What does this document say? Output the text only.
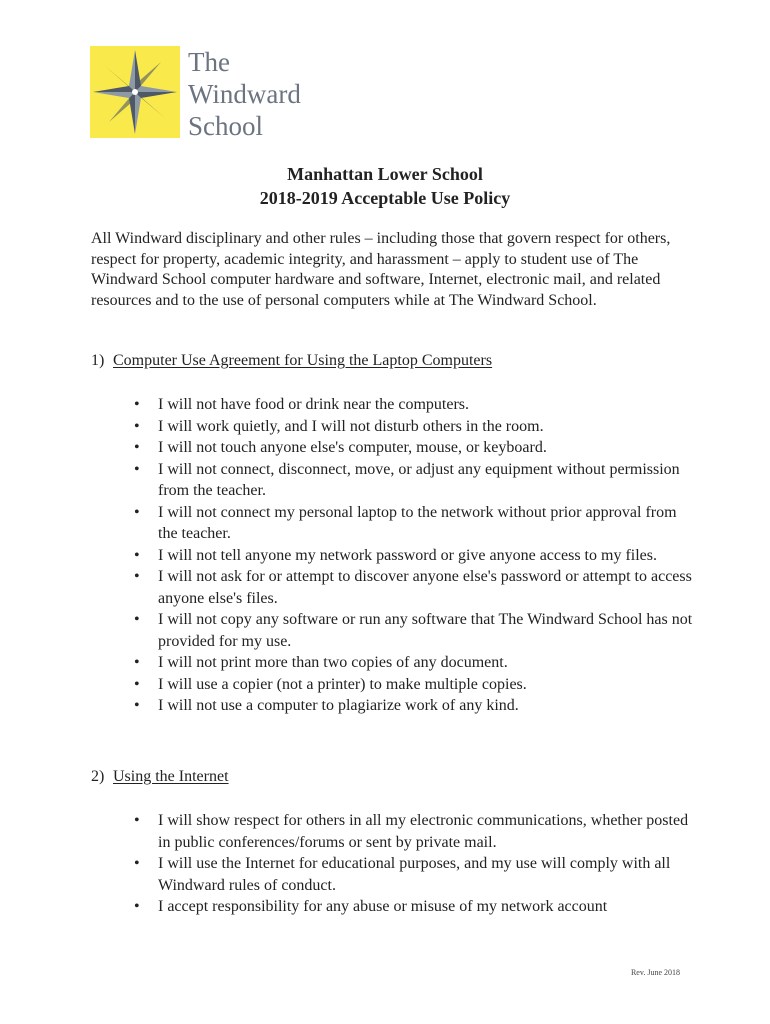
The
Windward
School
Manhattan Lower School
2018-2019 Acceptable Use Policy

All Windward disciplinary and other rules – including those that govern respect for others, respect for property, academic integrity, and harassment – apply to student use of The Windward School computer hardware and software, Internet, electronic mail, and related resources and to the use of personal computers while at The Windward School.

1) Computer Use Agreement for Using the Laptop Computers
• I will not have food or drink near the computers.
• I will work quietly, and I will not disturb others in the room.
• I will not touch anyone else's computer, mouse, or keyboard.
• I will not connect, disconnect, move, or adjust any equipment without permission from the teacher.
• I will not connect my personal laptop to the network without prior approval from the teacher.
• I will not tell anyone my network password or give anyone access to my files.
• I will not ask for or attempt to discover anyone else's password or attempt to access anyone else's files.
• I will not copy any software or run any software that The Windward School has not provided for my use.
• I will not print more than two copies of any document.
• I will use a copier (not a printer) to make multiple copies.
• I will not use a computer to plagiarize work of any kind.
2) Using the Internet
• I will show respect for others in all my electronic communications, whether posted in public conferences/forums or sent by private mail.
• I will use the Internet for educational purposes, and my use will comply with all Windward rules of conduct.
• I accept responsibility for any abuse or misuse of my network account
Rev. June 2018
